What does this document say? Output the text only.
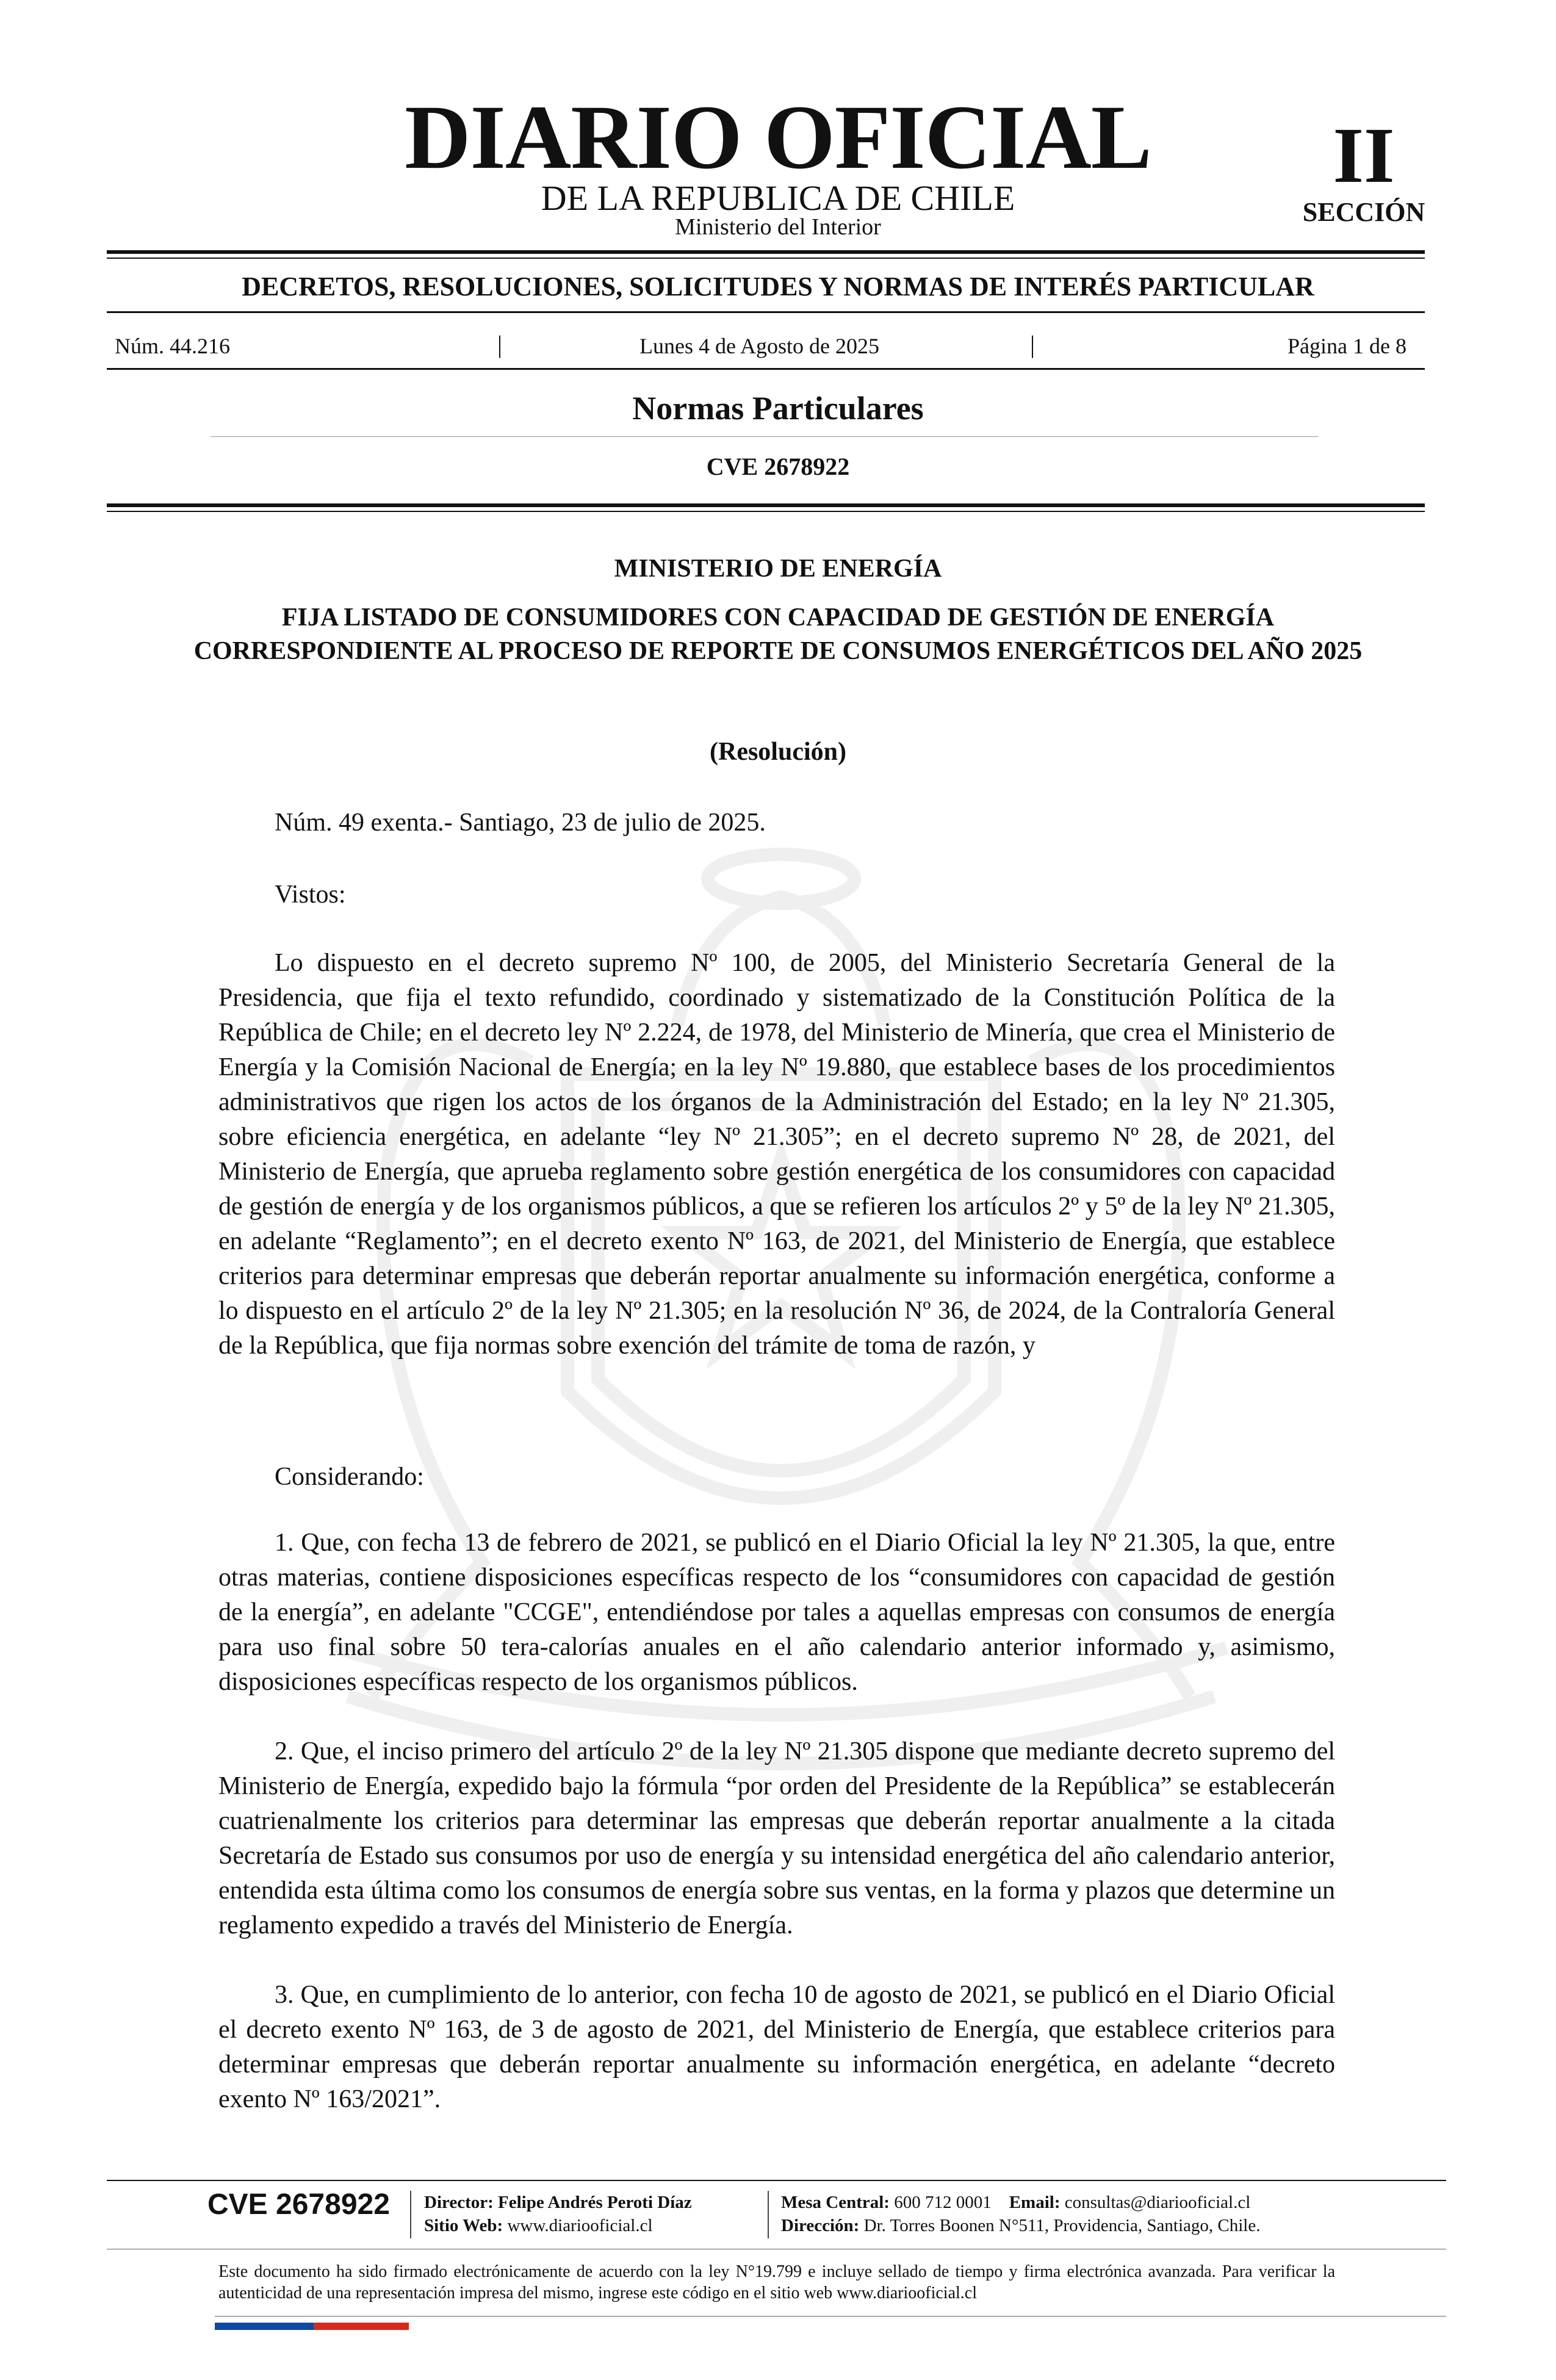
DIARIO OFICIAL
DE LA REPUBLICA DE CHILE
Ministerio del Interior
II
SECCIÓN
DECRETOS, RESOLUCIONES, SOLICITUDES Y NORMAS DE INTERÉS PARTICULAR
Núm. 44.216	|	Lunes 4 de Agosto de 2025	|	Página 1 de 8
Normas Particulares
CVE 2678922
MINISTERIO DE ENERGÍA

FIJA LISTADO DE CONSUMIDORES CON CAPACIDAD DE GESTIÓN DE ENERGÍA CORRESPONDIENTE AL PROCESO DE REPORTE DE CONSUMOS ENERGÉTICOS DEL AÑO 2025

(Resolución)

Núm. 49 exenta.- Santiago, 23 de julio de 2025.

Vistos:

Lo dispuesto en el decreto supremo Nº 100, de 2005, del Ministerio Secretaría General de la Presidencia, que fija el texto refundido, coordinado y sistematizado de la Constitución Política de la República de Chile; en el decreto ley Nº 2.224, de 1978, del Ministerio de Minería, que crea el Ministerio de Energía y la Comisión Nacional de Energía; en la ley Nº 19.880, que establece bases de los procedimientos administrativos que rigen los actos de los órganos de la Administración del Estado; en la ley Nº 21.305, sobre eficiencia energética, en adelante “ley Nº 21.305”; en el decreto supremo Nº 28, de 2021, del Ministerio de Energía, que aprueba reglamento sobre gestión energética de los consumidores con capacidad de gestión de energía y de los organismos públicos, a que se refieren los artículos 2º y 5º de la ley Nº 21.305, en adelante “Reglamento”; en el decreto exento Nº 163, de 2021, del Ministerio de Energía, que establece criterios para determinar empresas que deberán reportar anualmente su información energética, conforme a lo dispuesto en el artículo 2º de la ley Nº 21.305; en la resolución Nº 36, de 2024, de la Contraloría General de la República, que fija normas sobre exención del trámite de toma de razón, y

Considerando:

1. Que, con fecha 13 de febrero de 2021, se publicó en el Diario Oficial la ley Nº 21.305, la que, entre otras materias, contiene disposiciones específicas respecto de los “consumidores con capacidad de gestión de la energía”, en adelante "CCGE", entendiéndose por tales a aquellas empresas con consumos de energía para uso final sobre 50 tera-calorías anuales en el año calendario anterior informado y, asimismo, disposiciones específicas respecto de los organismos públicos.

2. Que, el inciso primero del artículo 2º de la ley Nº 21.305 dispone que mediante decreto supremo del Ministerio de Energía, expedido bajo la fórmula “por orden del Presidente de la República” se establecerán cuatrienalmente los criterios para determinar las empresas que deberán reportar anualmente a la citada Secretaría de Estado sus consumos por uso de energía y su intensidad energética del año calendario anterior, entendida esta última como los consumos de energía sobre sus ventas, en la forma y plazos que determine un reglamento expedido a través del Ministerio de Energía.

3. Que, en cumplimiento de lo anterior, con fecha 10 de agosto de 2021, se publicó en el Diario Oficial el decreto exento Nº 163, de 3 de agosto de 2021, del Ministerio de Energía, que establece criterios para determinar empresas que deberán reportar anualmente su información energética, en adelante “decreto exento Nº 163/2021”.

CVE 2678922 Director: Felipe Andrés Peroti Díaz
Sitio Web: www.diariooficial.cl
Mesa Central: 600 712 0001 Email: consultas@diariooficial.cl
Dirección: Dr. Torres Boonen N°511, Providencia, Santiago, Chile.

Este documento ha sido firmado electrónicamente de acuerdo con la ley N°19.799 e incluye sellado de tiempo y firma electrónica avanzada. Para verificar la autenticidad de una representación impresa del mismo, ingrese este código en el sitio web www.diariooficial.cl
